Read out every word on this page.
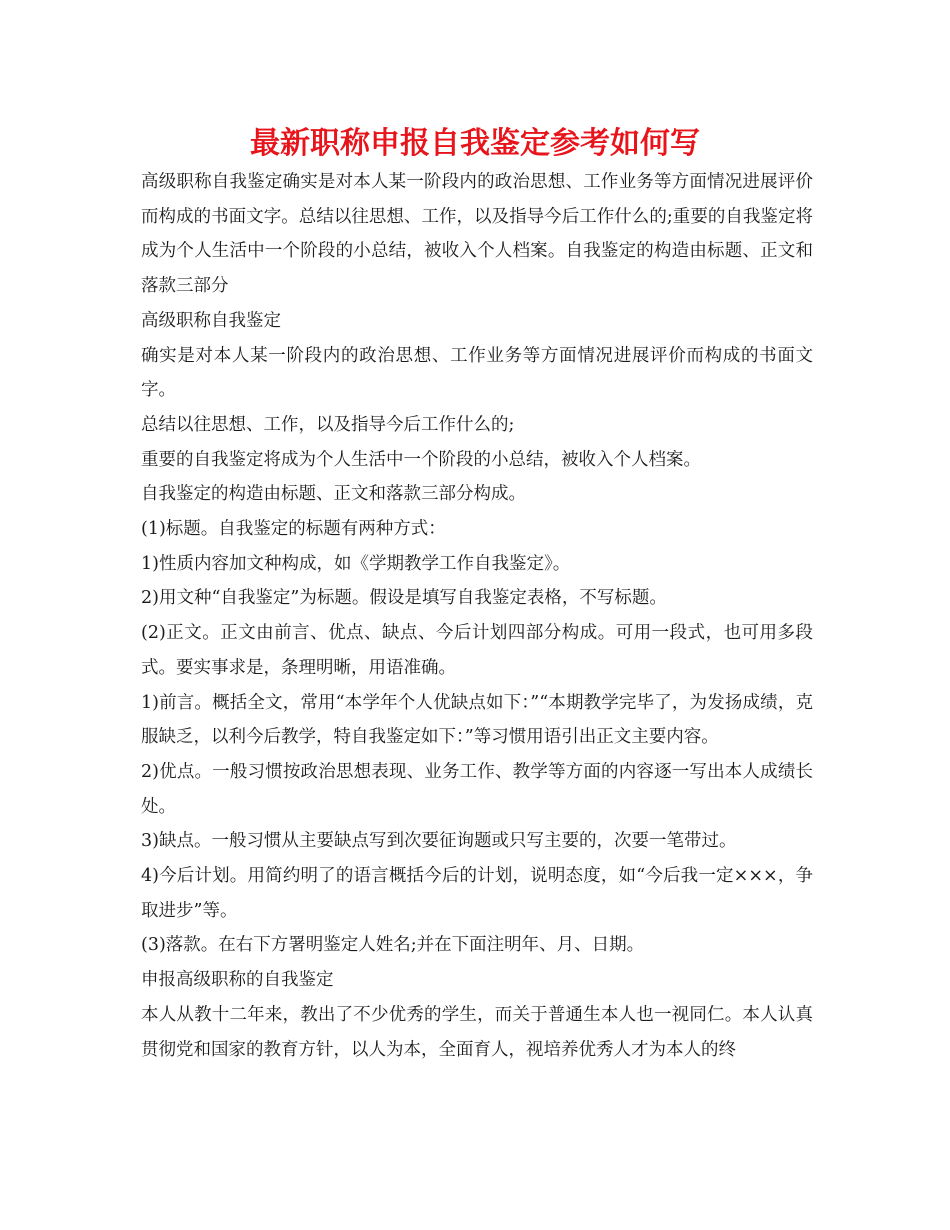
最新职称申报自我鉴定参考如何写

高级职称自我鉴定确实是对本人某一阶段内的政治思想、工作业务等方面情况进展评价而构成的书面文字。总结以往思想、工作，以及指导今后工作什么的;重要的自我鉴定将成为个人生活中一个阶段的小总结，被收入个人档案。自我鉴定的构造由标题、正文和落款三部分

高级职称自我鉴定

确实是对本人某一阶段内的政治思想、工作业务等方面情况进展评价而构成的书面文字。

总结以往思想、工作，以及指导今后工作什么的;

重要的自我鉴定将成为个人生活中一个阶段的小总结，被收入个人档案。

自我鉴定的构造由标题、正文和落款三部分构成。

(1)标题。自我鉴定的标题有两种方式：

1)性质内容加文种构成，如《学期教学工作自我鉴定》。

2)用文种“自我鉴定”为标题。假设是填写自我鉴定表格，不写标题。

(2)正文。正文由前言、优点、缺点、今后计划四部分构成。可用一段式，也可用多段式。要实事求是，条理明晰，用语准确。

1)前言。概括全文，常用“本学年个人优缺点如下：”“本期教学完毕了，为发扬成绩，克服缺乏，以利今后教学，特自我鉴定如下：”等习惯用语引出正文主要内容。

2)优点。一般习惯按政治思想表现、业务工作、教学等方面的内容逐一写出本人成绩长处。

3)缺点。一般习惯从主要缺点写到次要征询题或只写主要的，次要一笔带过。

4)今后计划。用简约明了的语言概括今后的计划，说明态度，如“今后我一定×××，争取进步”等。

(3)落款。在右下方署明鉴定人姓名;并在下面注明年、月、日期。

申报高级职称的自我鉴定

本人从教十二年来，教出了不少优秀的学生，而关于普通生本人也一视同仁。本人认真贯彻党和国家的教育方针，以人为本，全面育人，视培养优秀人才为本人的终
